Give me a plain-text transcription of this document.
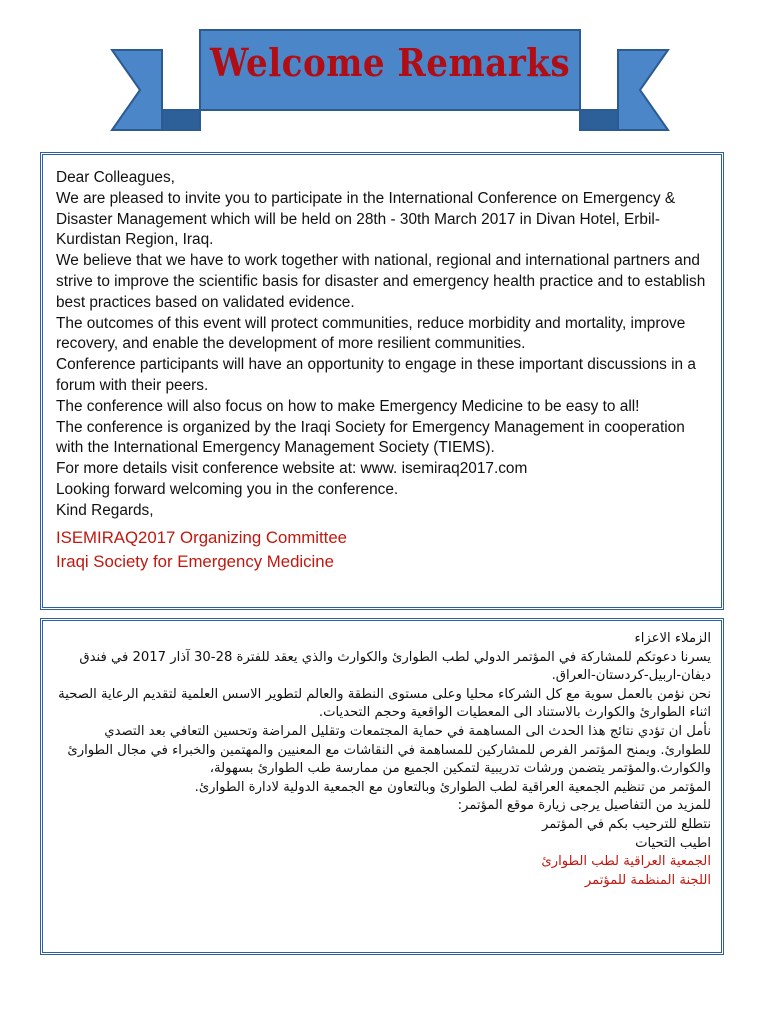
Welcome Remarks

Dear Colleagues,

We are pleased to invite you to participate in the International Conference on Emergency & Disaster Management which will be held on 28th - 30th March 2017 in Divan Hotel, Erbil-Kurdistan Region, Iraq.

We believe that we have to work together with national, regional and international partners and strive to improve the scientific basis for disaster and emergency health practice and to establish best practices based on validated evidence.

The outcomes of this event will protect communities, reduce morbidity and mortality, improve recovery, and enable the development of more resilient communities.

Conference participants will have an opportunity to engage in these important discussions in a forum with their peers.

The conference will also focus on how to make Emergency Medicine to be easy to all!

The conference is organized by the Iraqi Society for Emergency Management in cooperation with the International Emergency Management Society (TIEMS).

For more details visit conference website at: www. isemiraq2017.com

Looking forward welcoming you in the conference.

Kind Regards,

ISEMIRAQ2017 Organizing Committee

Iraqi Society for Emergency Medicine

الزملاء الاعزاء

يسرنا دعوتكم للمشاركة في المؤتمر الدولي لطب الطوارئ والكوارث والذي يعقد للفترة 28-30 آذار 2017 في فندق ديفان-اربيل-كردستان-العراق.

نحن نؤمن بالعمل سوية مع كل الشركاء محليا وعلى مستوى النطقة والعالم لتطوير الاسس العلمية لتقديم الرعاية الصحية اثناء الطوارئ والكوارث بالاستناد الى المعطيات الواقعية وحجم التحديات.

نأمل ان تؤدي نتائج هذا الحدث الى المساهمة في حماية المجتمعات وتقليل المراضة وتحسين التعافي بعد التصدي للطوارئ. ويمنح المؤتمر الفرص للمشاركين للمساهمة في النقاشات مع المعنيين والمهتمين والخبراء في مجال الطوارئ والكوارث.والمؤتمر يتضمن ورشات تدريبية لتمكين الجميع من ممارسة طب الطوارئ بسهولة،

المؤتمر من تنظيم الجمعية العراقية لطب الطوارئ وبالتعاون مع الجمعية الدولية لادارة الطوارئ.

للمزيد من التفاصيل يرجى زيارة موقع المؤتمر:

نتطلع للترحيب بكم في المؤتمر

اطيب التحيات

الجمعية العراقية لطب الطوارئ

اللجنة المنظمة للمؤتمر
